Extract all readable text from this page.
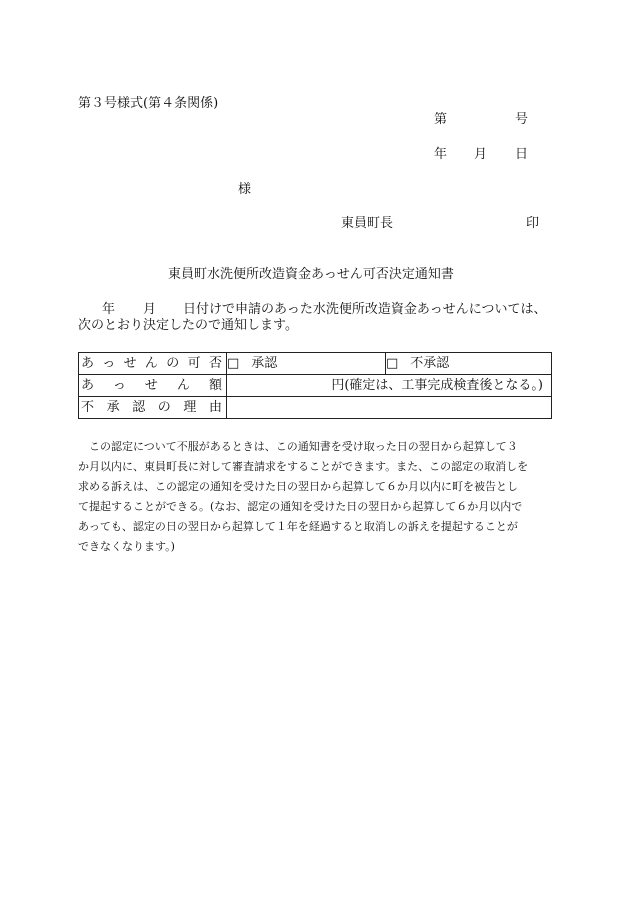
第３号様式(第４条関係)
第	号
年 月 日
様
東員町長	印
東員町水洗便所改造資金あっせん可否決定通知書
年 月 日付けで申請のあった水洗便所改造資金あっせんについては、
次のとおり決定したので通知します。
あっせんの可否	□ 承認	□ 不承認
あっせん額	円(確定は、工事完成検査後となる。)	
不承認の理由		

この認定について不服があるときは、この通知書を受け取った日の翌日から起算して３

か月以内に、東員町長に対して審査請求をすることができます。また、この認定の取消しを

求める訴えは、この認定の通知を受けた日の翌日から起算して６か月以内に町を被告とし

て提起することができる。(なお、認定の通知を受けた日の翌日から起算して６か月以内で

あっても、認定の日の翌日から起算して１年を経過すると取消しの訴えを提起することが

できなくなります。)
